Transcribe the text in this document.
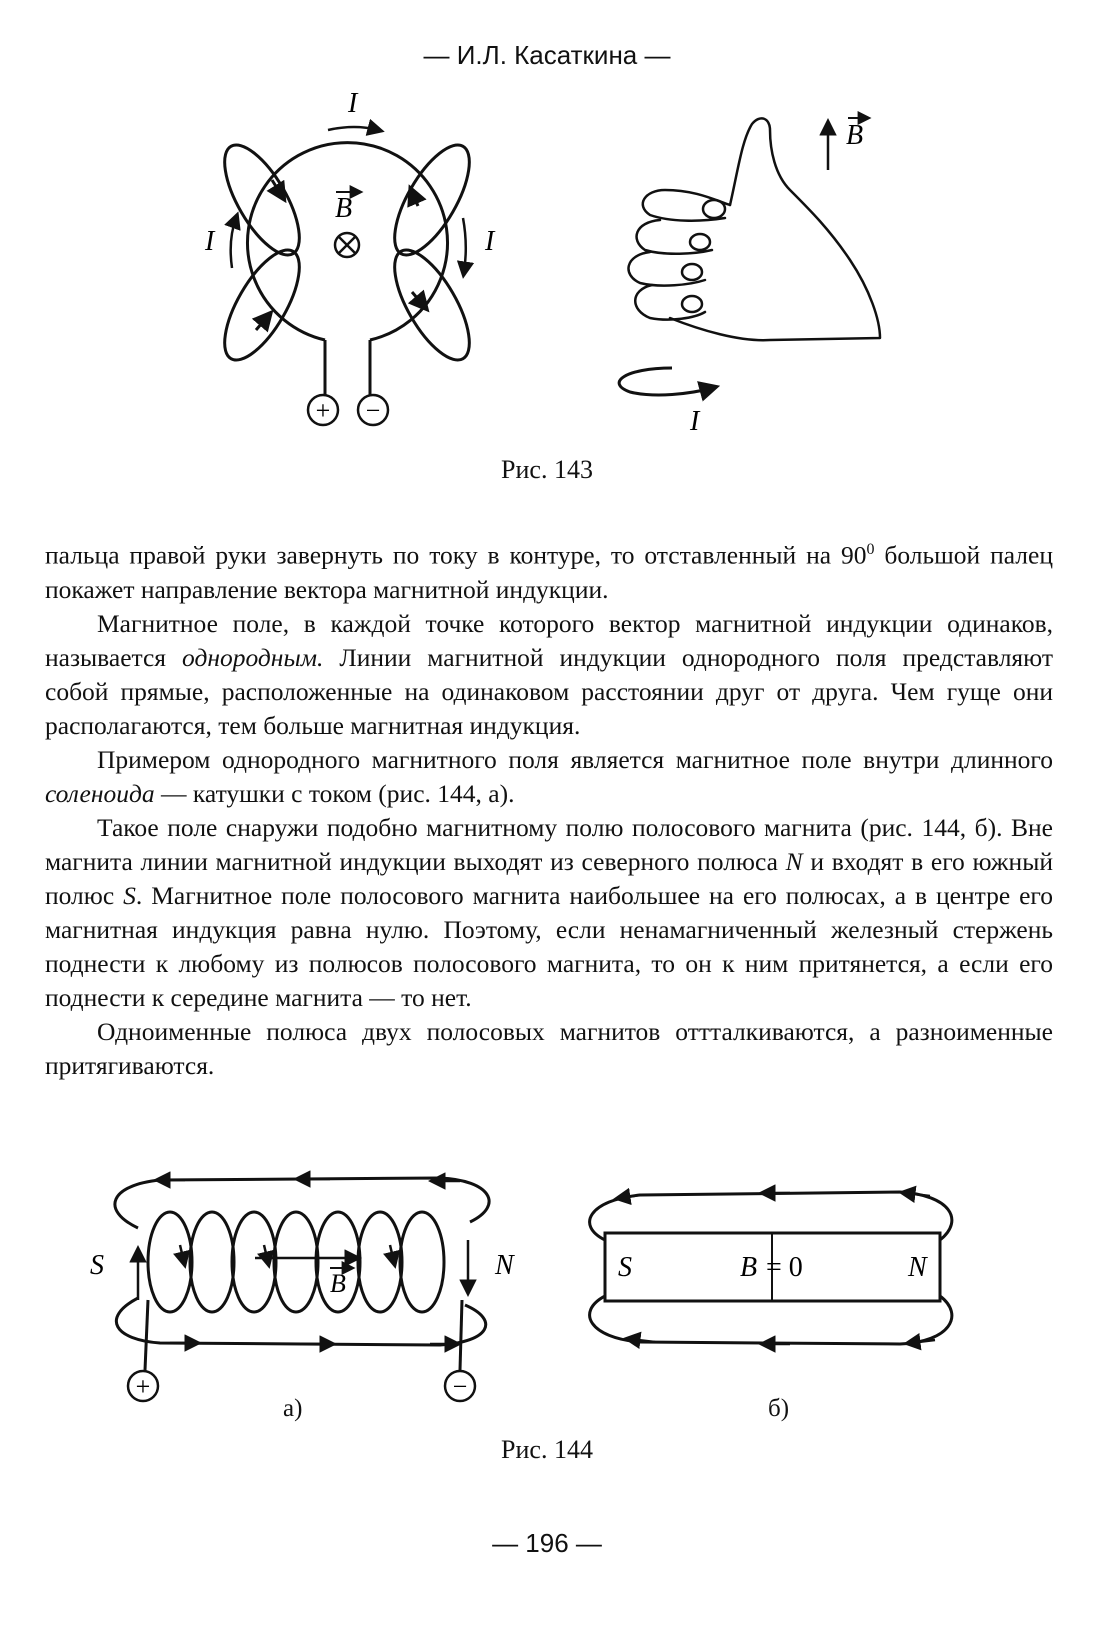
— И.Л. Касаткина —
I
I	I
B
+ −
B
I
Рис. 143

пальца правой руки завернуть по току в контуре, то отставленный на $90^0$ большой палец покажет направление вектора магнитной индукции.

Магнитное поле, в каждой точке которого вектор магнитной индукции одинаков, называется однородным. Линии магнитной индукции однородного поля представляют собой прямые, расположенные на одинаковом расстоянии друг от друга. Чем гуще они располагаются, тем больше магнитная индукция.

Примером однородного магнитного поля является магнитное поле внутри длинного соленоида — катушки с током (рис. 144, а).

Такое поле снаружи подобно магнитному полю полосового магнита (рис. 144, б). Вне магнита линии магнитной индукции выходят из северного полюса N и входят в его южный полюс S. Магнитное поле полосового магнита наибольшее на его полюсах, а в центре его магнитная индукция равна нулю. Поэтому, если ненамагниченный железный стержень поднести к любому из полюсов полосового магнита, то он к ним притянется, а если его поднести к середине магнита — то нет.

Одноименные полюса двух полосовых магнитов оттталкиваются, а разноименные притягиваются.

B
S	N
+	−
S	N
B = 0
а)	б)
Рис. 144
— 196 —
